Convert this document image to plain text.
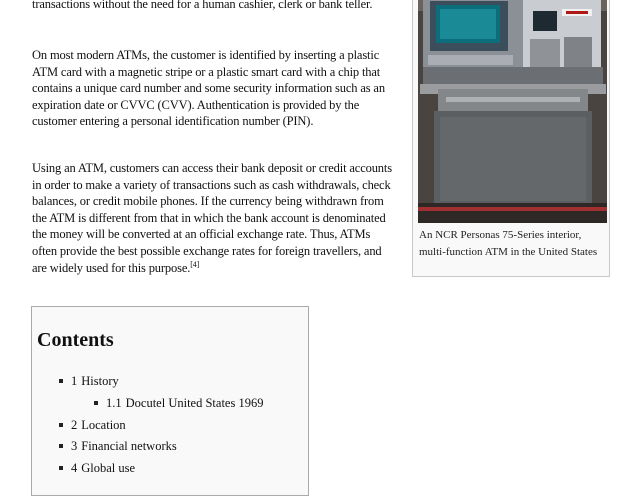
transactions without the need for a human cashier, clerk or bank teller.

On most modern ATMs, the customer is identified by inserting a plastic ATM card with a magnetic stripe or a plastic smart card with a chip that contains a unique card number and some security information such as an expiration date or CVVC (CVV). Authentication is provided by the customer entering a personal identification number (PIN).

Using an ATM, customers can access their bank deposit or credit accounts in order to make a variety of transactions such as cash withdrawals, check balances, or credit mobile phones. If the currency being withdrawn from the ATM is different from that in which the bank account is denominated the money will be converted at an official exchange rate. Thus, ATMs often provide the best possible exchange rates for foreign travellers, and are widely used for this purpose.[4]

An NCR Personas 75-Series interior, multi-function ATM in the United States

Contents

1 History
1.1 Docutel United States 1969
2 Location
3 Financial networks
4 Global use
